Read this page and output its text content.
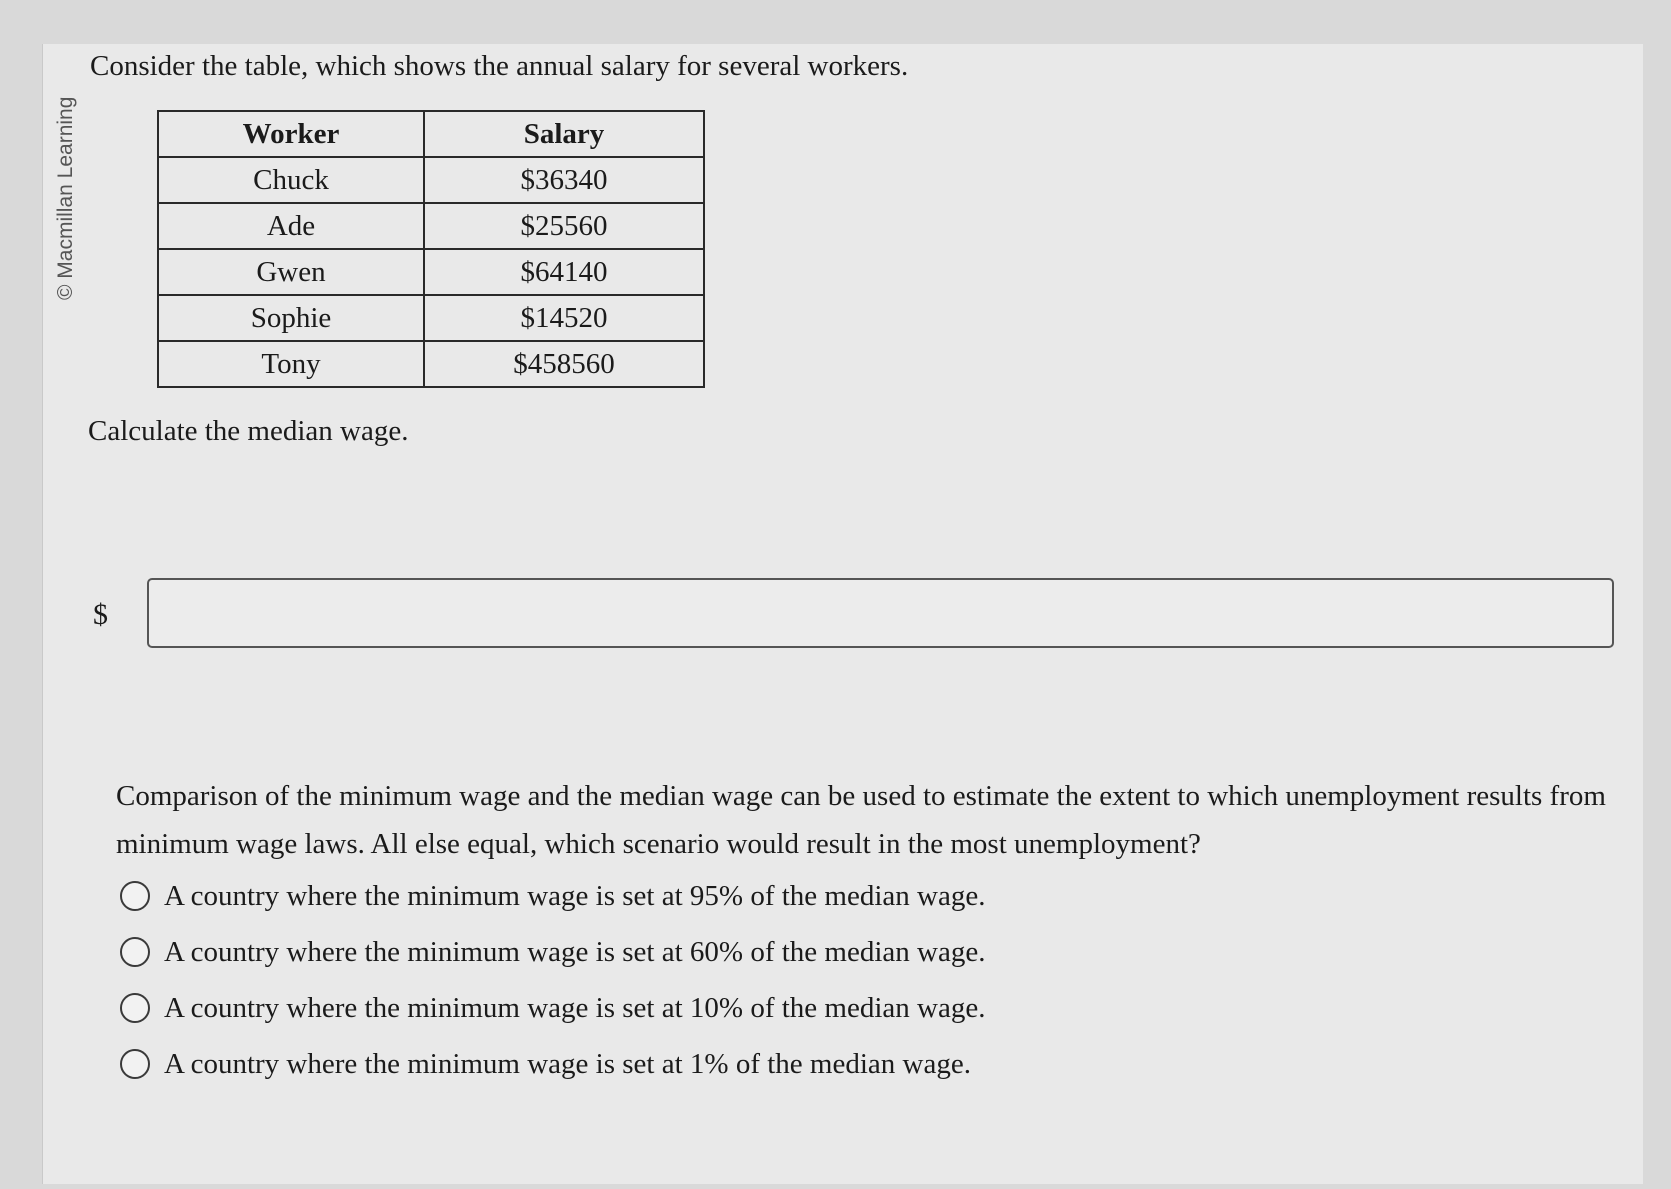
© Macmillan Learning
Consider the table, which shows the annual salary for several workers.
Worker	Salary
Chuck	$36340
Ade	$25560
Gwen	$64140
Sophie	$14520
Tony	$458560
Calculate the median wage.
$
Comparison of the minimum wage and the median wage can be used to estimate the extent to which unemployment results from minimum wage laws. All else equal, which scenario would result in the most unemployment?
A country where the minimum wage is set at 95% of the median wage.
A country where the minimum wage is set at 60% of the median wage.
A country where the minimum wage is set at 10% of the median wage.
A country where the minimum wage is set at 1% of the median wage.
